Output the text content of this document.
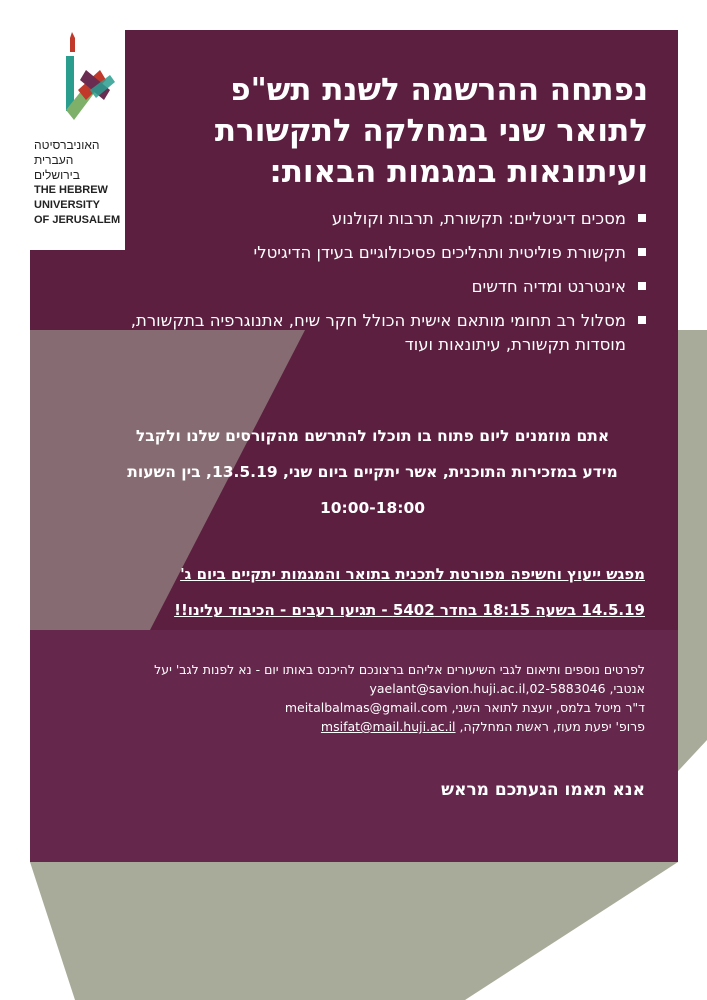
האוניברסיטה
העברית
בירושלים
THE HEBREW
UNIVERSITY
OF JERUSALEM
נפתחה ההרשמה לשנת תש"פ לתואר שני במחלקה לתקשורת ועיתונאות במגמות הבאות:
מסכים דיגיטליים: תקשורת, תרבות וקולנוע
תקשורת פוליטית ותהליכים פסיכולוגיים בעידן הדיגיטלי
אינטרנט ומדיה חדשים
מסלול רב תחומי מותאם אישית הכולל חקר שיח, אתנוגרפיה בתקשורת, מוסדות תקשורת, עיתונאות ועוד
אתם מוזמנים ליום פתוח בו תוכלו להתרשם מהקורסים שלנו ולקבל
מידע במזכירות התוכנית, אשר יתקיים ביום שני, 13.5.19, בין השעות
10:00-18:00

מפגש ייעוץ וחשיפה מפורטת לתכנית בתואר והמגמות יתקיים ביום ג'

14.5.19 בשעה 18:15 בחדר 5402 - תגיעו רעבים - הכיבוד עלינו!!

לפרטים נוספים ותיאום לגבי השיעורים אליהם ברצונכם להיכנס באותו יום - נא לפנות לגב' יעל

אנטבי, yaelant@savion.huji.ac.il,02-5883046

ד"ר מיטל בלמס, יועצת לתואר השני, meitalbalmas@gmail.com

פרופ' יפעת מעוז, ראשת המחלקה, msifat@mail.huji.ac.il

אנא תאמו הגעתכם מראש
